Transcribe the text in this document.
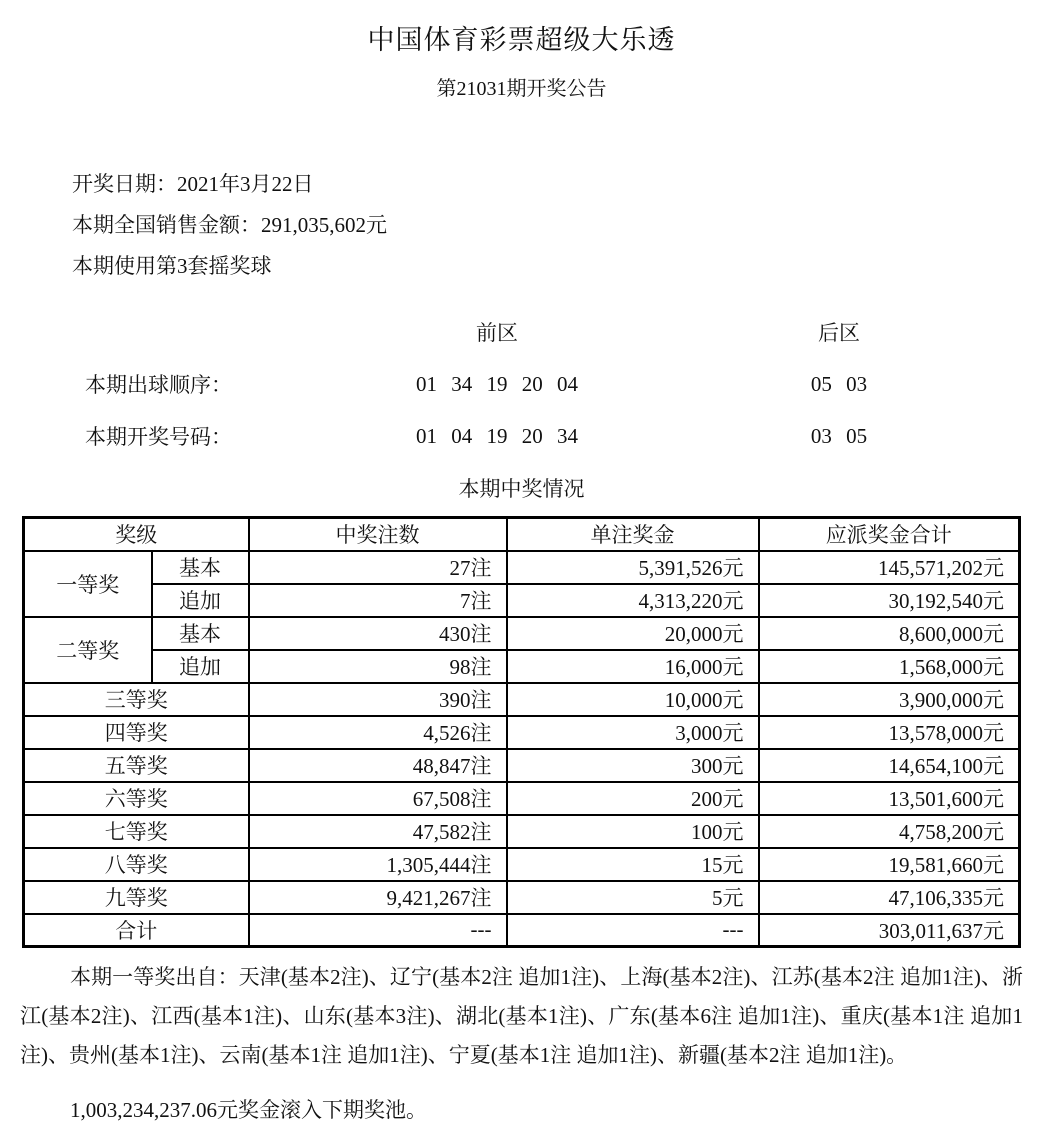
中国体育彩票超级大乐透
第21031期开奖公告
开奖日期：2021年3月22日
本期全国销售金额：291,035,602元
本期使用第3套摇奖球
前区	后区
本期出球顺序：	01 34 19 20 04	05 03
本期开奖号码：	01 04 19 20 34	03 05
本期中奖情况
奖级		中奖注数	单注奖金	应派奖金合计
一等奖	基本	27注	5,391,526元	145,571,202元
	追加	7注	4,313,220元	30,192,540元
二等奖	基本	430注	20,000元	8,600,000元
	追加	98注	16,000元	1,568,000元
三等奖		390注	10,000元	3,900,000元
四等奖		4,526注	3,000元	13,578,000元
五等奖		48,847注	300元	14,654,100元
六等奖		67,508注	200元	13,501,600元
七等奖		47,582注	100元	4,758,200元
八等奖		1,305,444注	15元	19,581,660元
九等奖		9,421,267注	5元	47,106,335元
合计		---	---	303,011,637元

本期一等奖出自：天津(基本2注)、辽宁(基本2注 追加1注)、上海(基本2注)、江苏(基本2注 追加1注)、浙江(基本2注)、江西(基本1注)、山东(基本3注)、湖北(基本1注)、广东(基本6注 追加1注)、重庆(基本1注 追加1注)、贵州(基本1注)、云南(基本1注 追加1注)、宁夏(基本1注 追加1注)、新疆(基本2注 追加1注)。

1,003,234,237.06元奖金滚入下期奖池。
